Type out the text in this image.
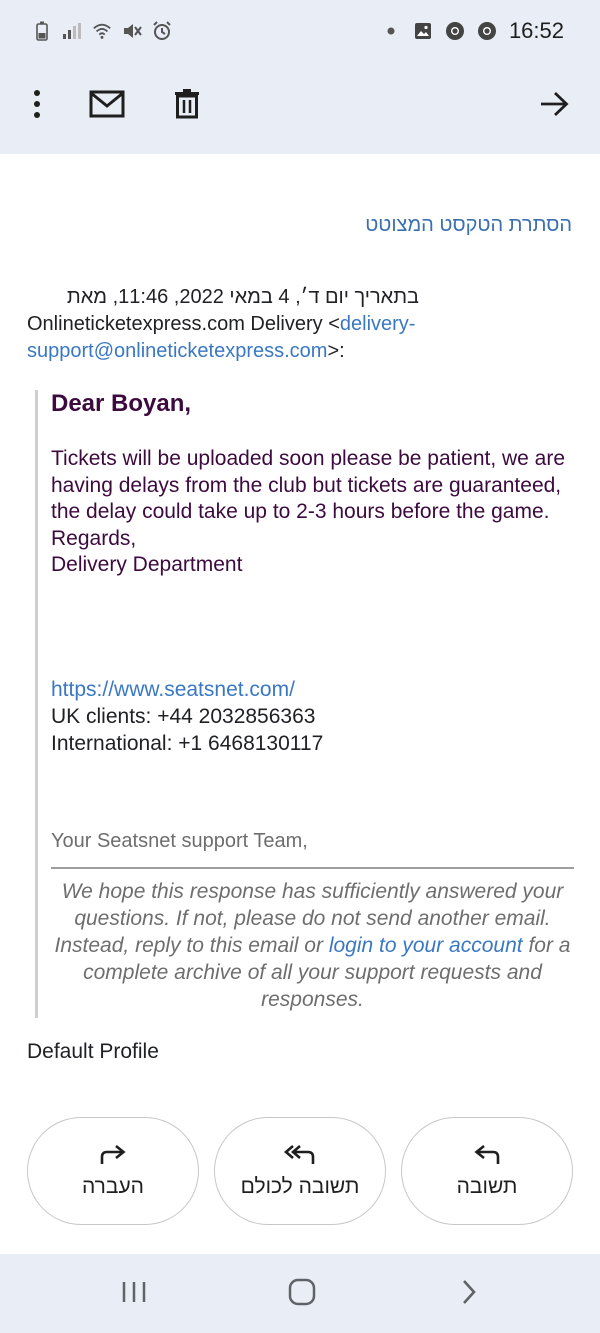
16:52
הסתרת הטקסט המצוטט
בתאריך יום ד׳, 4 במאי 2022, 11:46, מאת
Onlineticketexpress.com Delivery <delivery-support@onlineticketexpress.com>:
Dear Boyan,
Tickets will be uploaded soon please be patient, we are having delays from the club but tickets are guaranteed, the delay could take up to 2-3 hours before the game.
Regards,
Delivery Department
https://www.seatsnet.com/
UK clients: +44 2032856363
International: +1 6468130117
Your Seatsnet support Team,
We hope this response has sufficiently answered your questions. If not, please do not send another email. Instead, reply to this email or login to your account for a complete archive of all your support requests and responses.
Default Profile
העברה	תשובה לכולם	תשובה
